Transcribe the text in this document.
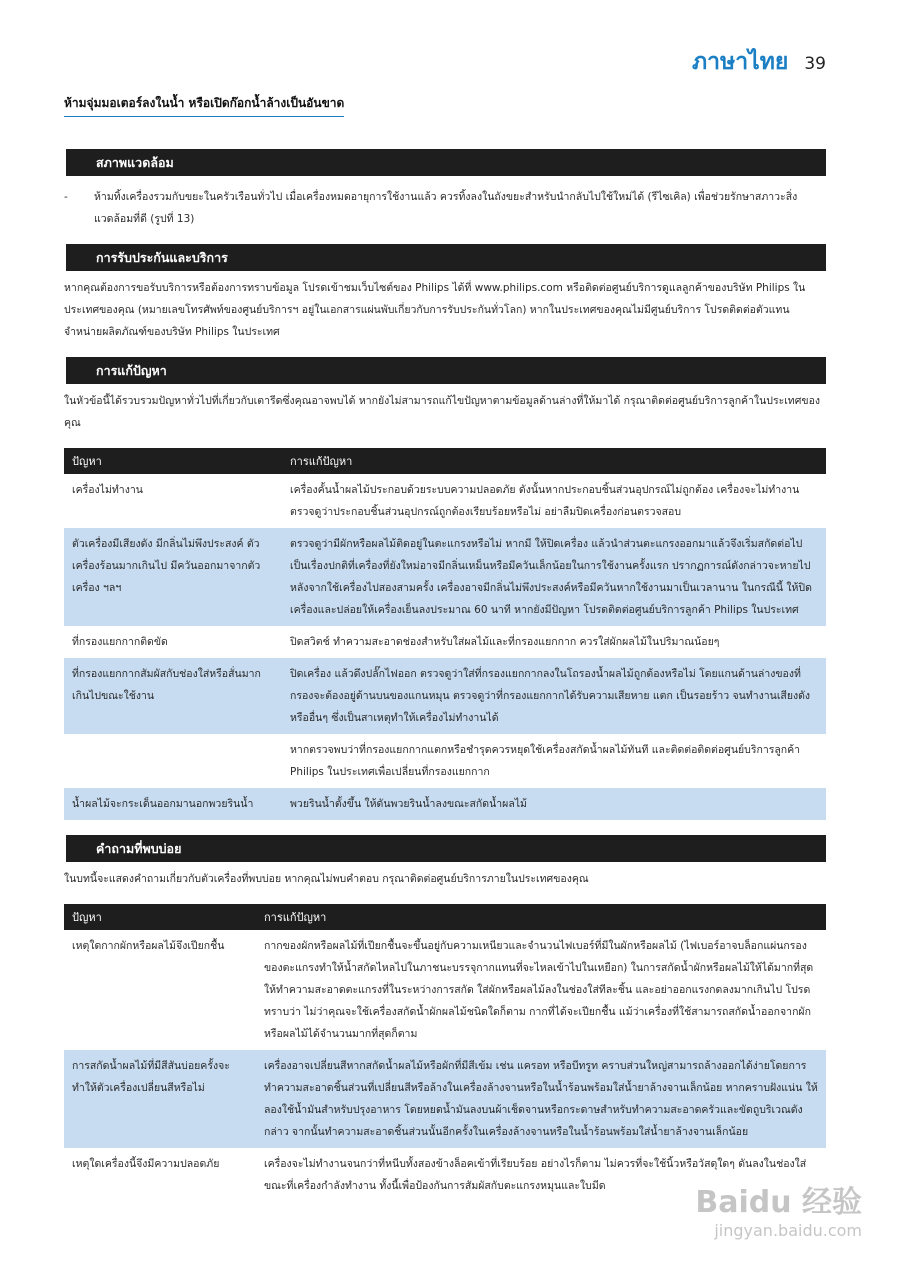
ภาษาไทย 39
ห้ามจุ่มมอเตอร์ลงในน้ำ หรือเปิดก๊อกน้ำล้างเป็นอันขาด
สภาพแวดล้อม
-	ห้ามทิ้งเครื่องรวมกับขยะในครัวเรือนทั่วไป เมื่อเครื่องหมดอายุการใช้งานแล้ว ควรทิ้งลงในถังขยะสำหรับนำกลับไปใช้ใหม่ได้ (รีไซเคิล) เพื่อช่วยรักษาสภาวะสิ่งแวดล้อมที่ดี (รูปที่ 13)
การรับประกันและบริการ

หากคุณต้องการขอรับบริการหรือต้องการทราบข้อมูล โปรดเข้าชมเว็บไซต์ของ Philips ได้ที่ www.philips.com หรือติดต่อศูนย์บริการดูแลลูกค้าของบริษัท Philips ในประเทศของคุณ (หมายเลขโทรศัพท์ของศูนย์บริการฯ อยู่ในเอกสารแผ่นพับเกี่ยวกับการรับประกันทั่วโลก) หากในประเทศของคุณไม่มีศูนย์บริการ โปรดติดต่อตัวแทนจำหน่ายผลิตภัณฑ์ของบริษัท Philips ในประเทศ

การแก้ปัญหา

ในหัวข้อนี้ได้รวบรวมปัญหาทั่วไปที่เกี่ยวกับเตารีดซึ่งคุณอาจพบได้ หากยังไม่สามารถแก้ไขปัญหาตามข้อมูลด้านล่างที่ให้มาได้ กรุณาติดต่อศูนย์บริการลูกค้าในประเทศของคุณ

ปัญหา	การแก้ปัญหา
เครื่องไม่ทำงาน	เครื่องคั้นน้ำผลไม้ประกอบด้วยระบบความปลอดภัย ดังนั้นหากประกอบชิ้นส่วนอุปกรณ์ไม่ถูกต้อง เครื่องจะไม่ทำงาน ตรวจดูว่าประกอบชิ้นส่วนอุปกรณ์ถูกต้องเรียบร้อยหรือไม่ อย่าลืมปิดเครื่องก่อนตรวจสอบ
ตัวเครื่องมีเสียงดัง มีกลิ่นไม่พึงประสงค์ ตัวเครื่องร้อนมากเกินไป มีควันออกมาจากตัวเครื่อง ฯลฯ	ตรวจดูว่ามีผักหรือผลไม้ติดอยู่ในตะแกรงหรือไม่ หากมี ให้ปิดเครื่อง แล้วนำส่วนตะแกรงออกมาแล้วจึงเริ่มสกัดต่อไป เป็นเรื่องปกติที่เครื่องที่ยังใหม่อาจมีกลิ่นเหม็นหรือมีควันเล็กน้อยในการใช้งานครั้งแรก ปรากฏการณ์ดังกล่าวจะหายไปหลังจากใช้เครื่องไปสองสามครั้ง เครื่องอาจมีกลิ่นไม่พึงประสงค์หรือมีควันหากใช้งานมาเป็นเวลานาน ในกรณีนี้ ให้ปิดเครื่องและปล่อยให้เครื่องเย็นลงประมาณ 60 นาที หากยังมีปัญหา โปรดติดต่อศูนย์บริการลูกค้า Philips ในประเทศ
ที่กรองแยกกากติดขัด	ปิดสวิตช์ ทำความสะอาดช่องสำหรับใส่ผลไม้และที่กรองแยกกาก ควรใส่ผักผลไม้ในปริมาณน้อยๆ
ที่กรองแยกกากสัมผัสกับช่องใส่หรือสั่นมากเกินไปขณะใช้งาน	ปิดเครื่อง แล้วดึงปลั๊กไฟออก ตรวจดูว่าใส่ที่กรองแยกกากลงในโถรองน้ำผลไม้ถูกต้องหรือไม่ โดยแกนด้านล่างของที่กรองจะต้องอยู่ด้านบนของแกนหมุน ตรวจดูว่าที่กรองแยกกากได้รับความเสียหาย แตก เป็นรอยร้าว จนทำงานเสียงดัง หรืออื่นๆ ซึ่งเป็นสาเหตุทำให้เครื่องไม่ทำงานได้
	หากตรวจพบว่าที่กรองแยกกากแตกหรือชำรุดควรหยุดใช้เครื่องสกัดน้ำผลไม้ทันที และติดต่อติดต่อศูนย์บริการลูกค้า Philips ในประเทศเพื่อเปลี่ยนที่กรองแยกกาก
น้ำผลไม้จะกระเด็นออกมานอกพวยรินน้ำ	พวยรินน้ำตั้งขึ้น ให้ดันพวยรินน้ำลงขณะสกัดน้ำผลไม้
คำถามที่พบบ่อย

ในบทนี้จะแสดงคำถามเกี่ยวกับตัวเครื่องที่พบบ่อย หากคุณไม่พบคำตอบ กรุณาติดต่อศูนย์บริการภายในประเทศของคุณ

ปัญหา	การแก้ปัญหา
เหตุใดกากผักหรือผลไม้จึงเปียกชื้น	กากของผักหรือผลไม้ที่เปียกชื้นจะขึ้นอยู่กับความเหนียวและจำนวนไฟเบอร์ที่มีในผักหรือผลไม้ (ไฟเบอร์อาจบล็อกแผ่นกรองของตะแกรงทำให้น้ำสกัดไหลไปในภาชนะบรรจุกากแทนที่จะไหลเข้าไปในเหยือก) ในการสกัดน้ำผักหรือผลไม้ให้ได้มากที่สุด ให้ทำความสะอาดตะแกรงที่ในระหว่างการสกัด ใส่ผักหรือผลไม้ลงในช่องใส่ทีละชิ้น และอย่าออกแรงกดลงมากเกินไป โปรดทราบว่า ไม่ว่าคุณจะใช้เครื่องสกัดน้ำผักผลไม้ชนิดใดก็ตาม กากที่ได้จะเปียกชื้น แม้ว่าเครื่องที่ใช้สามารถสกัดน้ำออกจากผักหรือผลไม้ได้จำนวนมากที่สุดก็ตาม
การสกัดน้ำผลไม้ที่มีสีสันบ่อยครั้งจะทำให้ตัวเครื่องเปลี่ยนสีหรือไม่	เครื่องอาจเปลี่ยนสีหากสกัดน้ำผลไม้หรือผักที่มีสีเข้ม เช่น แครอท หรือบีทรูท คราบส่วนใหญ่สามารถล้างออกได้ง่ายโดยการทำความสะอาดชิ้นส่วนที่เปลี่ยนสีหรือล้างในเครื่องล้างจานหรือในน้ำร้อนพร้อมใส่น้ำยาล้างจานเล็กน้อย หากคราบฝังแน่น ให้ลองใช้น้ำมันสำหรับปรุงอาหาร โดยหยดน้ำมันลงบนผ้าเช็ดจานหรือกระดาษสำหรับทำความสะอาดครัวและขัดถูบริเวณดังกล่าว จากนั้นทำความสะอาดชิ้นส่วนนั้นอีกครั้งในเครื่องล้างจานหรือในน้ำร้อนพร้อมใส่น้ำยาล้างจานเล็กน้อย
เหตุใดเครื่องนี้จึงมีความปลอดภัย	เครื่องจะไม่ทำงานจนกว่าที่หนีบทั้งสองข้างล็อคเข้าที่เรียบร้อย อย่างไรก็ตาม ไม่ควรที่จะใช้นิ้วหรือวัสดุใดๆ ดันลงในช่องใส่ขณะที่เครื่องกำลังทำงาน ทั้งนี้เพื่อป้องกันการสัมผัสกับตะแกรงหมุนและใบมีด	Baidu 经验
jingyan.baidu.com
